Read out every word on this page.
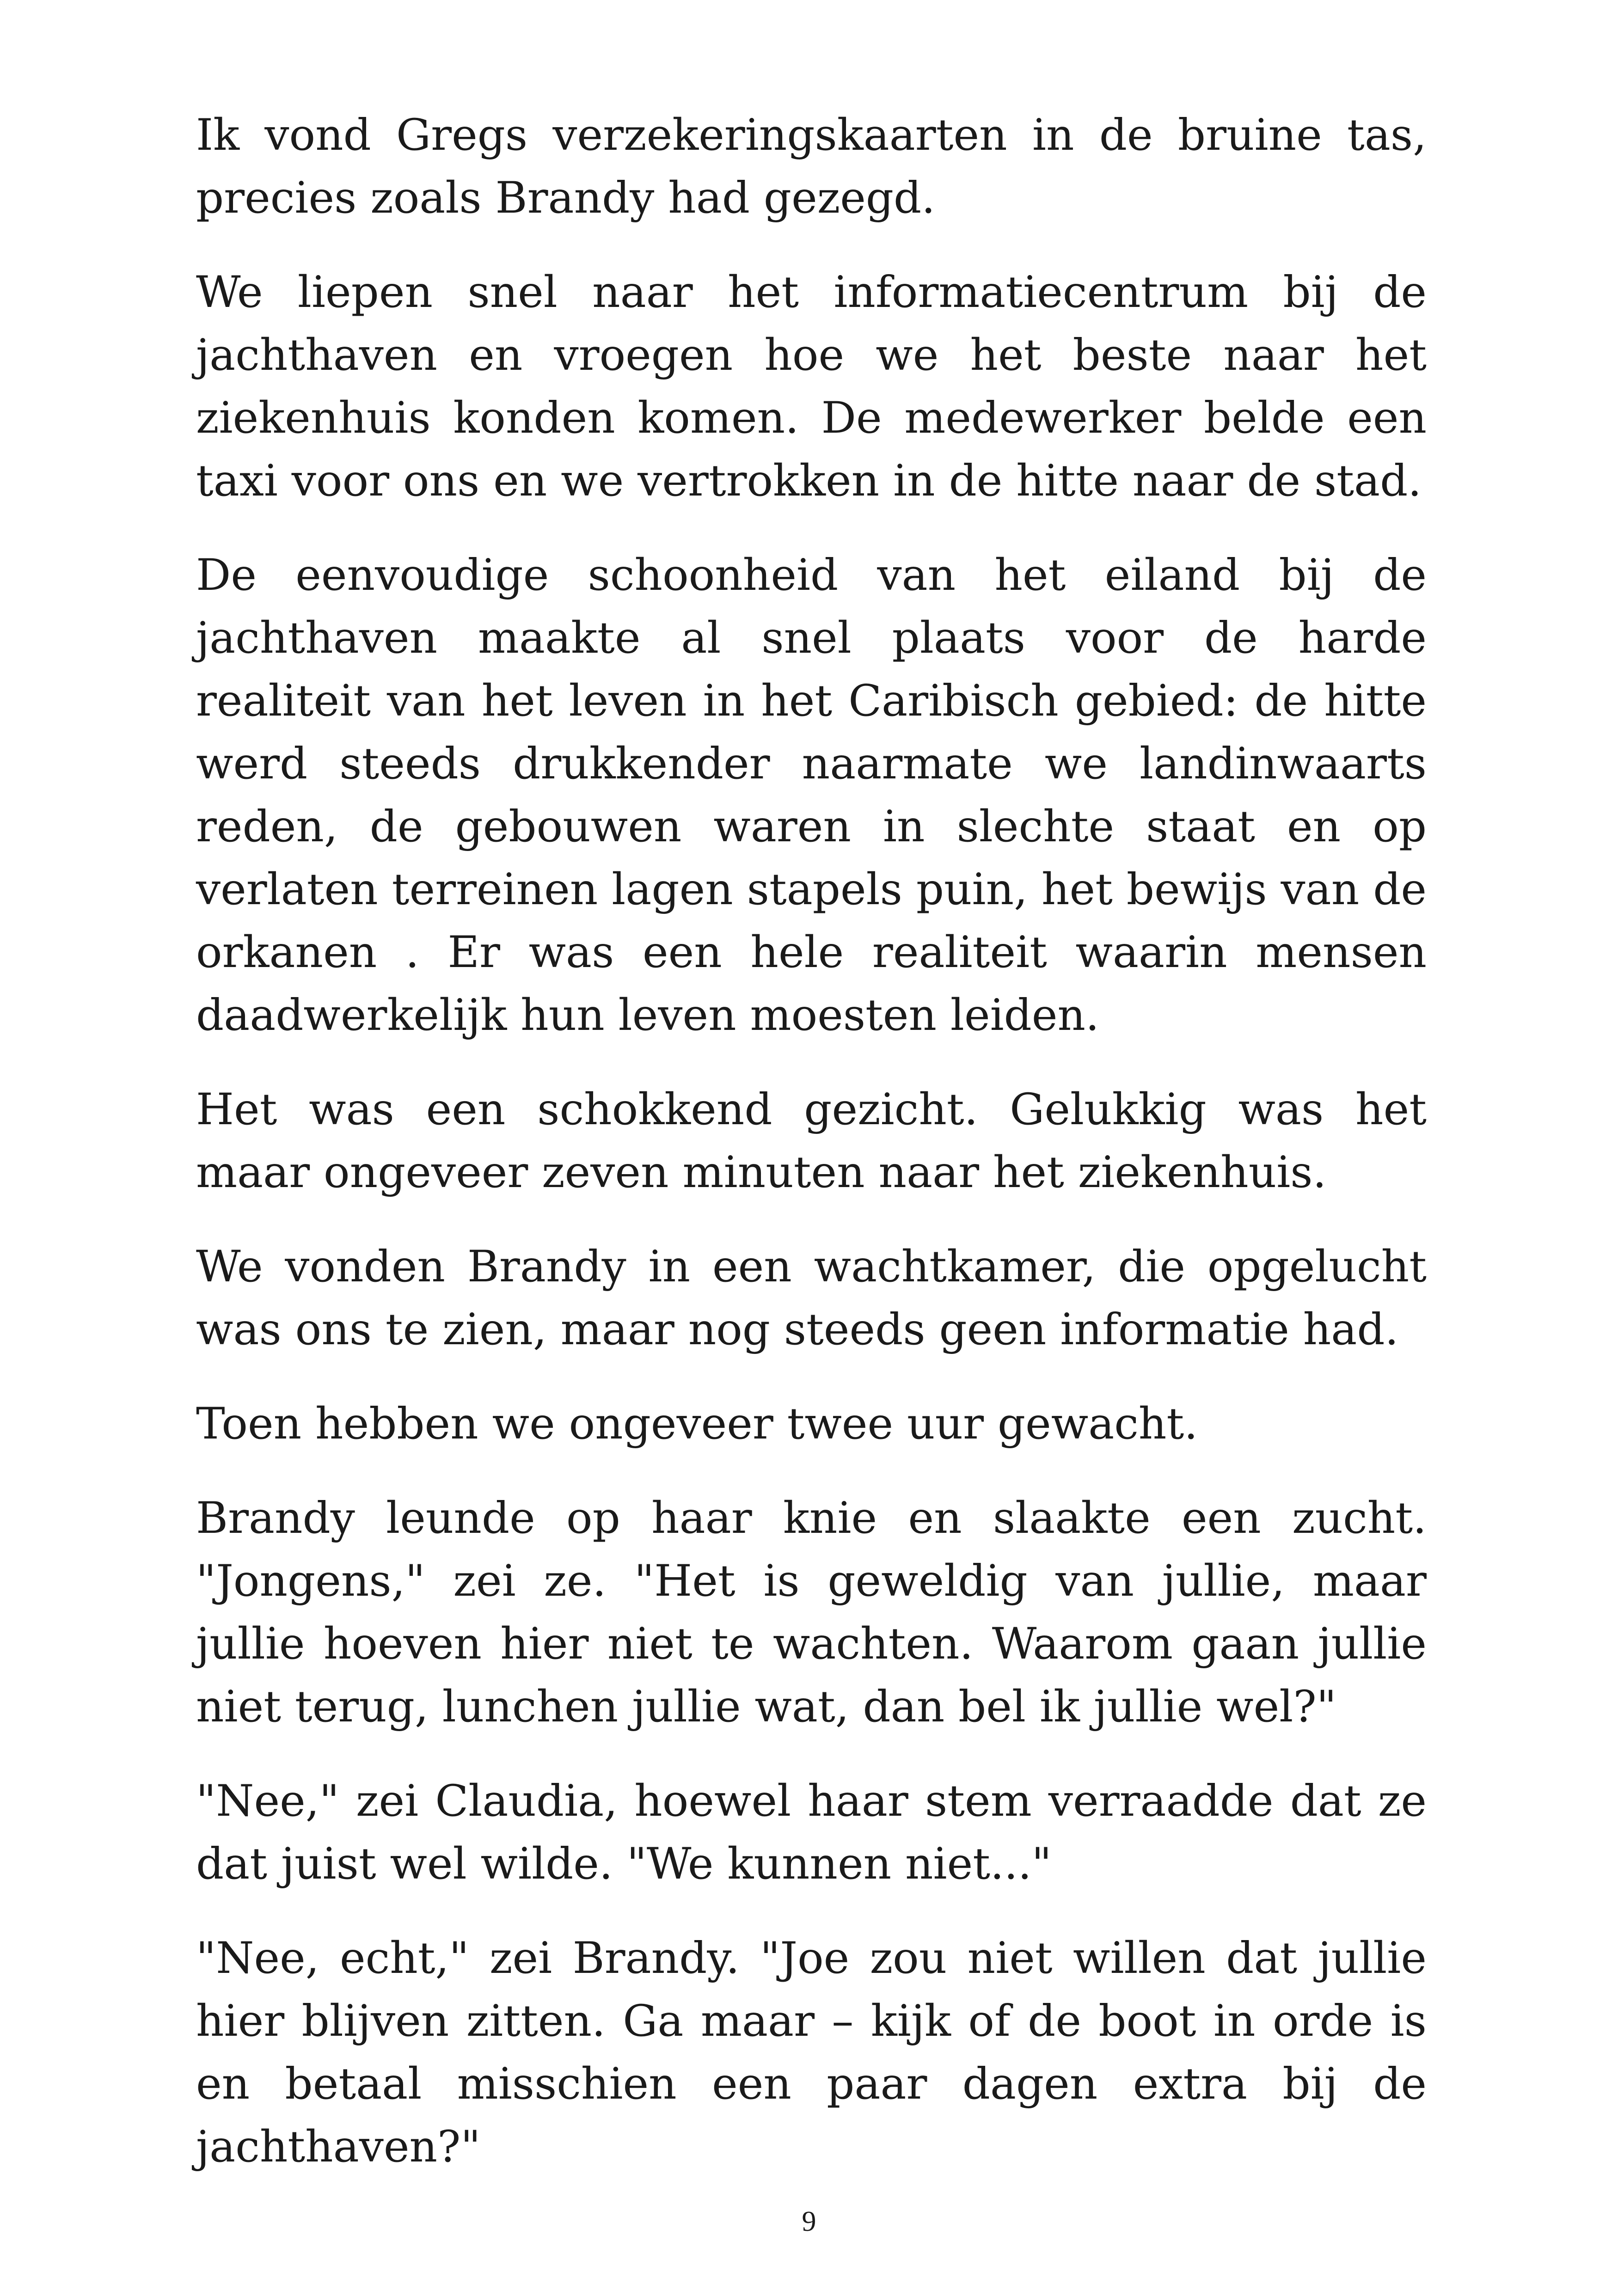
Ik vond Gregs verzekeringskaarten in de bruine tas, precies zoals Brandy had gezegd.

We liepen snel naar het informatiecentrum bij de jachthaven en vroegen hoe we het beste naar het ziekenhuis konden komen. De medewerker belde een taxi voor ons en we vertrokken in de hitte naar de stad.

De eenvoudige schoonheid van het eiland bij de jachthaven maakte al snel plaats voor de harde realiteit van het leven in het Caribisch gebied: de hitte werd steeds drukkender naarmate we landinwaarts reden, de gebouwen waren in slechte staat en op verlaten terreinen lagen stapels puin, het bewijs van de orkanen . Er was een hele realiteit waarin mensen daadwerkelijk hun leven moesten leiden.

Het was een schokkend gezicht. Gelukkig was het maar ongeveer zeven minuten naar het ziekenhuis.

We vonden Brandy in een wachtkamer, die opgelucht was ons te zien, maar nog steeds geen informatie had.

Toen hebben we ongeveer twee uur gewacht.

Brandy leunde op haar knie en slaakte een zucht. "Jongens," zei ze. "Het is geweldig van jullie, maar jullie hoeven hier niet te wachten. Waarom gaan jullie niet terug, lunchen jullie wat, dan bel ik jullie wel?"

"Nee," zei Claudia, hoewel haar stem verraadde dat ze dat juist wel wilde. "We kunnen niet..."

"Nee, echt," zei Brandy. "Joe zou niet willen dat jullie hier blijven zitten. Ga maar – kijk of de boot in orde is en betaal misschien een paar dagen extra bij de jachthaven?"

9
